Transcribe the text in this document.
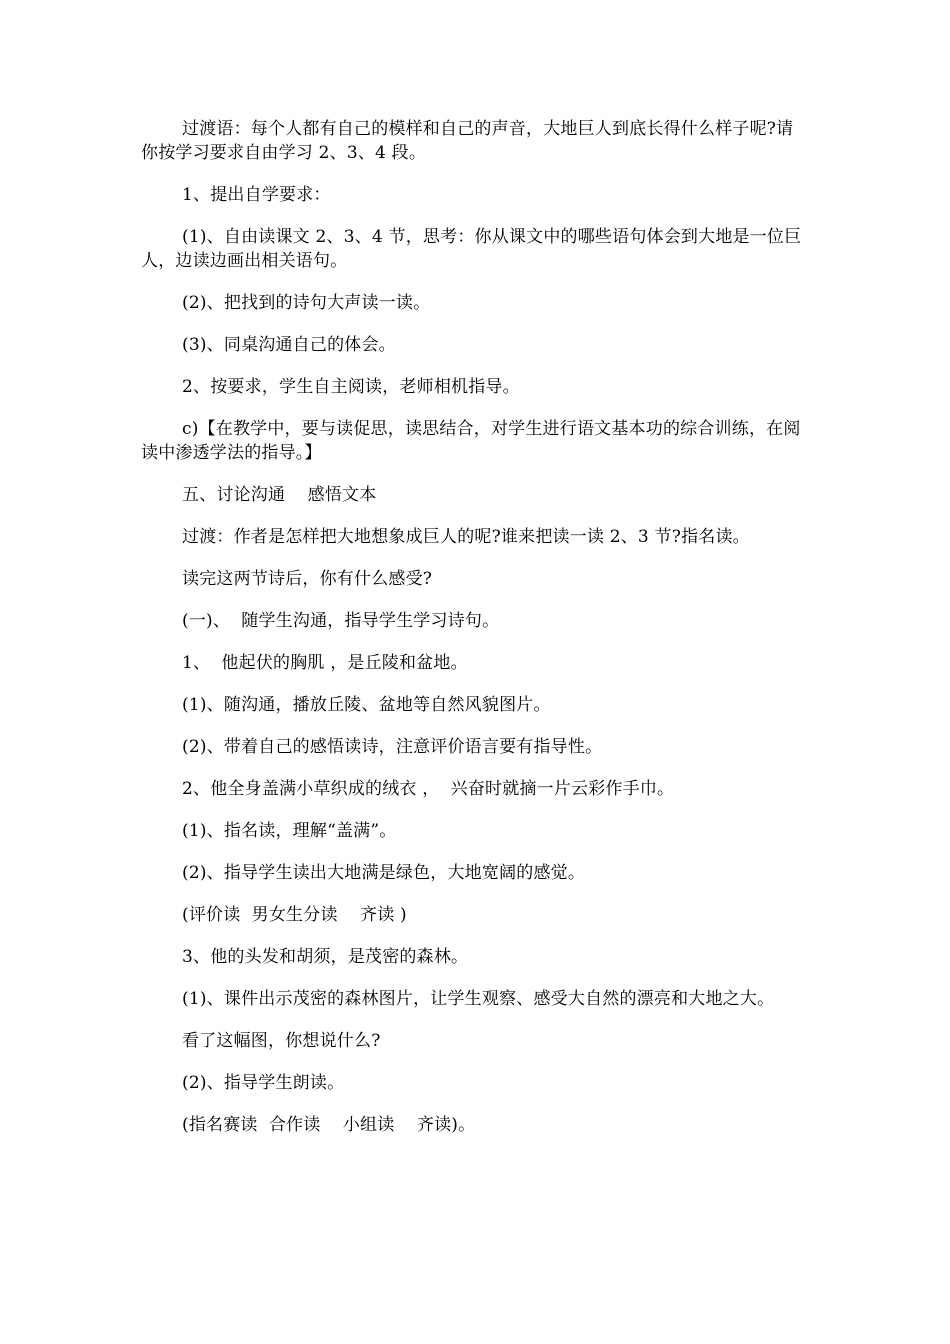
过渡语：每个人都有自己的模样和自己的声音，大地巨人到底长得什么样子呢?请你按学习要求自由学习 2、3、4 段。

1、提出自学要求：

(1)、自由读课文 2、3、4 节，思考：你从课文中的哪些语句体会到大地是一位巨人，边读边画出相关语句。

(2)、把找到的诗句大声读一读。

(3)、同桌沟通自己的体会。

2、按要求，学生自主阅读，老师相机指导。

c)【在教学中，要与读促思，读思结合，对学生进行语文基本功的综合训练，在阅读中渗透学法的指导。】

五、讨论沟通    感悟文本

过渡：作者是怎样把大地想象成巨人的呢?谁来把读一读 2、3 节?指名读。

读完这两节诗后，你有什么感受?

(一)、  随学生沟通，指导学生学习诗句。

1、  他起伏的胸肌 ，是丘陵和盆地。

(1)、随沟通，播放丘陵、盆地等自然风貌图片。

(2)、带着自己的感悟读诗，注意评价语言要有指导性。

2、他全身盖满小草织成的绒衣 ，  兴奋时就摘一片云彩作手巾。

(1)、指名读，理解“盖满”。

(2)、指导学生读出大地满是绿色，大地宽阔的感觉。

(评价读  男女生分读    齐读 )

3、他的头发和胡须，是茂密的森林。

(1)、课件出示茂密的森林图片，让学生观察、感受大自然的漂亮和大地之大。

看了这幅图，你想说什么?

(2)、指导学生朗读。

(指名赛读  合作读    小组读    齐读)。
